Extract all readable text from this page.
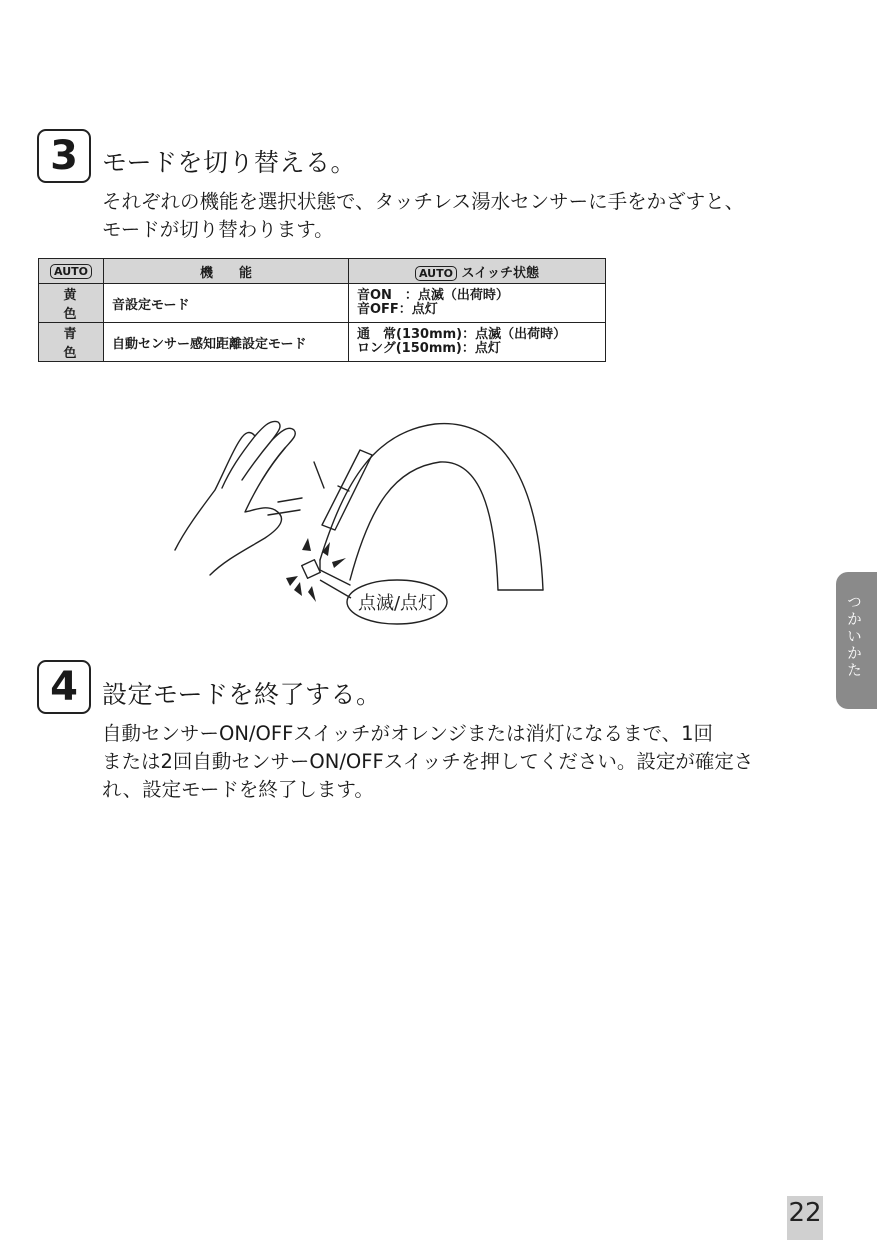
3 モードを切り替える。
それぞれの機能を選択状態で、タッチレス湯水センサーに手をかざすと、
モードが切り替わります。
AUTO	機　　能	AUTO スイッチ状態
黄 色	音設定モード	音ON　：点滅（出荷時）
音OFF：点灯

青 色	自動センサー感知距離設定モード	通　常(130mm)：点滅（出荷時）
ロング(150mm)：点灯
点滅/点灯
4 設定モードを終了する。
自動センサーON/OFFスイッチがオレンジまたは消灯になるまで、1回
または2回自動センサーON/OFFスイッチを押してください。設定が確定さ
れ、設定モードを終了します。
つかいかた
22
